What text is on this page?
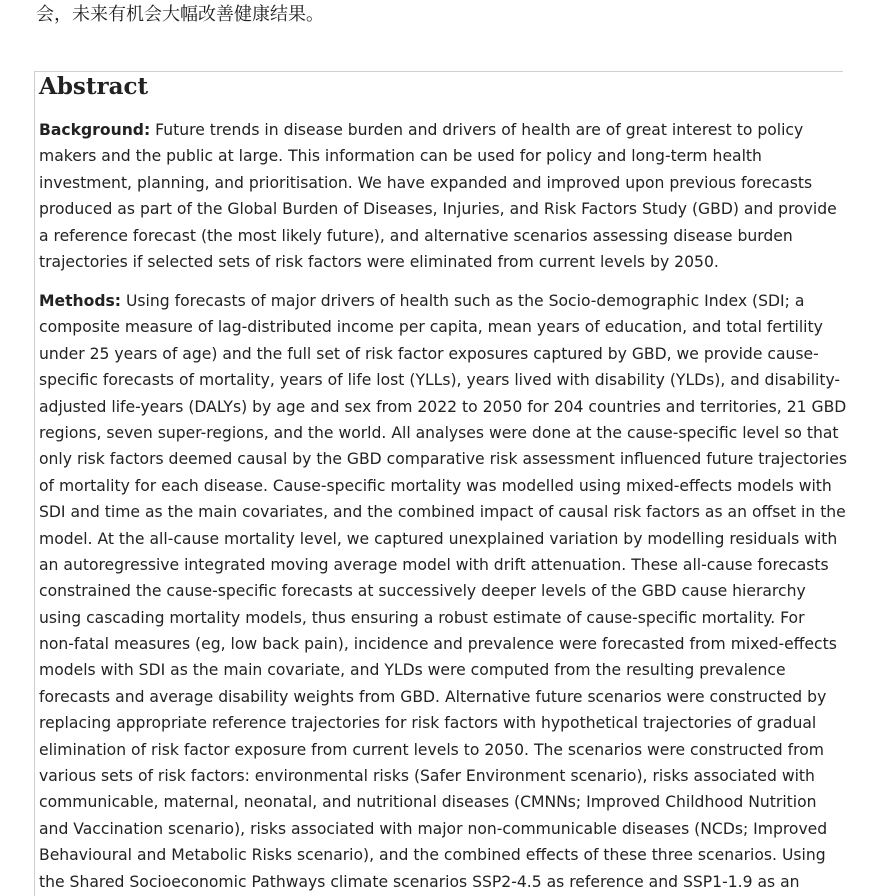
会，未来有机会大幅改善健康结果。
Abstract

Background: Future trends in disease burden and drivers of health are of great interest to policy
makers and the public at large. This information can be used for policy and long-term health
investment, planning, and prioritisation. We have expanded and improved upon previous forecasts
produced as part of the Global Burden of Diseases, Injuries, and Risk Factors Study (GBD) and provide
a reference forecast (the most likely future), and alternative scenarios assessing disease burden
trajectories if selected sets of risk factors were eliminated from current levels by 2050.

Methods: Using forecasts of major drivers of health such as the Socio-demographic Index (SDI; a
composite measure of lag-distributed income per capita, mean years of education, and total fertility
under 25 years of age) and the full set of risk factor exposures captured by GBD, we provide cause-
specific forecasts of mortality, years of life lost (YLLs), years lived with disability (YLDs), and disability-
adjusted life-years (DALYs) by age and sex from 2022 to 2050 for 204 countries and territories, 21 GBD
regions, seven super-regions, and the world. All analyses were done at the cause-specific level so that
only risk factors deemed causal by the GBD comparative risk assessment influenced future trajectories
of mortality for each disease. Cause-specific mortality was modelled using mixed-effects models with
SDI and time as the main covariates, and the combined impact of causal risk factors as an offset in the
model. At the all-cause mortality level, we captured unexplained variation by modelling residuals with
an autoregressive integrated moving average model with drift attenuation. These all-cause forecasts
constrained the cause-specific forecasts at successively deeper levels of the GBD cause hierarchy
using cascading mortality models, thus ensuring a robust estimate of cause-specific mortality. For
non-fatal measures (eg, low back pain), incidence and prevalence were forecasted from mixed-effects
models with SDI as the main covariate, and YLDs were computed from the resulting prevalence
forecasts and average disability weights from GBD. Alternative future scenarios were constructed by
replacing appropriate reference trajectories for risk factors with hypothetical trajectories of gradual
elimination of risk factor exposure from current levels to 2050. The scenarios were constructed from
various sets of risk factors: environmental risks (Safer Environment scenario), risks associated with
communicable, maternal, neonatal, and nutritional diseases (CMNNs; Improved Childhood Nutrition
and Vaccination scenario), risks associated with major non-communicable diseases (NCDs; Improved
Behavioural and Metabolic Risks scenario), and the combined effects of these three scenarios. Using
the Shared Socioeconomic Pathways climate scenarios SSP2-4.5 as reference and SSP1-1.9 as an
